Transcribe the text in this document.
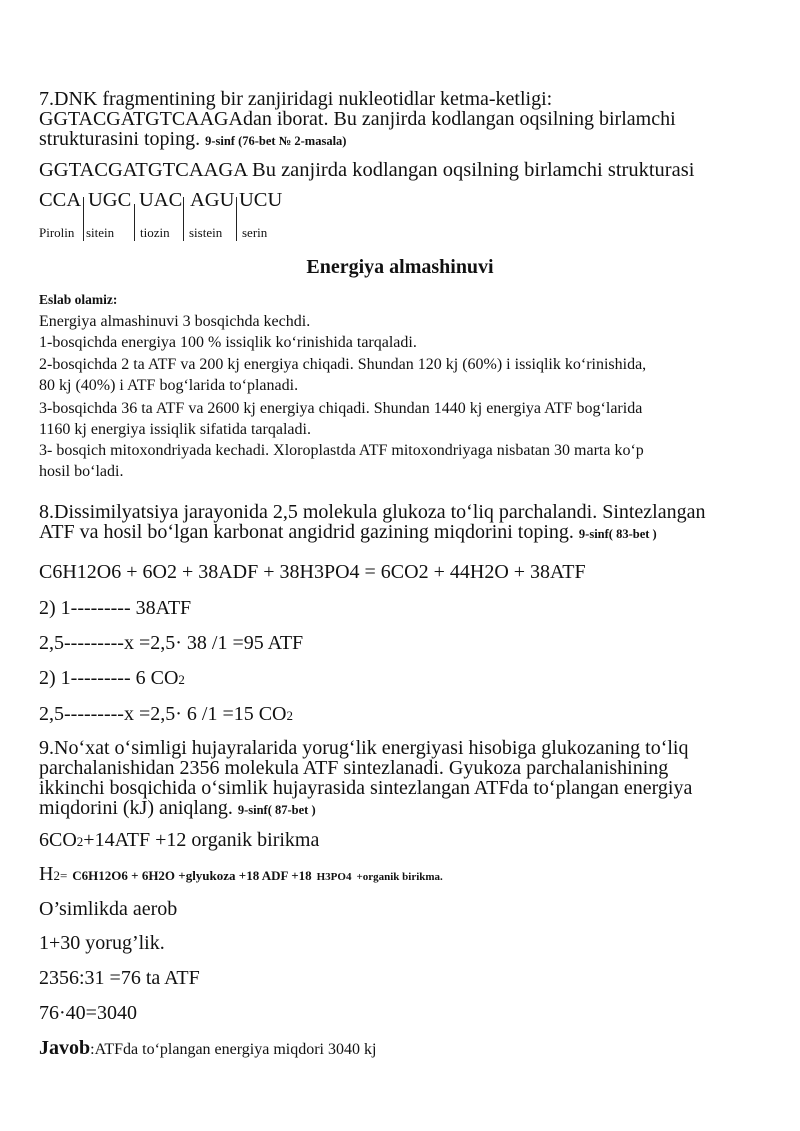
7.DNK fragmentining bir zanjiridagi nukleotidlar ketma-ketligi:
GGTACGATGTCAAGAdan iborat. Bu zanjirda kodlangan oqsilning birlamchi
strukturasini toping. 9-sinf (76-bet № 2-masala)
GGTACGATGTCAAGA Bu zanjirda kodlangan oqsilning birlamchi strukturasi
CCA UGC UAC AGU UCU
Pirolin sitein tiozin sistein serin
Energiya almashinuvi
Eslab olamiz:
Energiya almashinuvi 3 bosqichda kechdi.
1-bosqichda energiya 100 % issiqlik ko‘rinishida tarqaladi.
2-bosqichda 2 ta ATF va 200 kj energiya chiqadi. Shundan 120 kj (60%) i issiqlik ko‘rinishida,
80 kj (40%) i ATF bog‘larida to‘planadi.
3-bosqichda 36 ta ATF va 2600 kj energiya chiqadi. Shundan 1440 kj energiya ATF bog‘larida
1160 kj energiya issiqlik sifatida tarqaladi.
3- bosqich mitoxondriyada kechadi. Xloroplastda ATF mitoxondriyaga nisbatan 30 marta ko‘p
hosil bo‘ladi.
8.Dissimilyatsiya jarayonida 2,5 molekula glukoza to‘liq parchalandi. Sintezlangan
ATF va hosil bo‘lgan karbonat angidrid gazining miqdorini toping. 9-sinf( 83-bet )
C6H12O6 + 6O2 + 38ADF + 38H3PO4 = 6CO2 + 44H2O + 38ATF
2) 1--------- 38ATF
2,5---------x =2,5· 38 /1 =95 ATF
2) 1--------- 6 CO2
2,5---------x =2,5· 6 /1 =15 CO2
9.No‘xat o‘simligi hujayralarida yorug‘lik energiyasi hisobiga glukozaning to‘liq
parchalanishidan 2356 molekula ATF sintezlanadi. Gyukoza parchalanishining
ikkinchi bosqichida o‘simlik hujayrasida sintezlangan ATFda to‘plangan energiya
miqdorini (kJ) aniqlang. 9-sinf( 87-bet )
6CO2+14ATF +12 organik birikma
H2= C6H12O6 + 6H2O +glyukoza +18 ADF +18 H3PO4 +organik birikma.
O’simlikda aerob
1+30 yorug’lik.
2356:31 =76 ta ATF
76·40=3040
Javob:ATFda to‘plangan energiya miqdori 3040 kj
